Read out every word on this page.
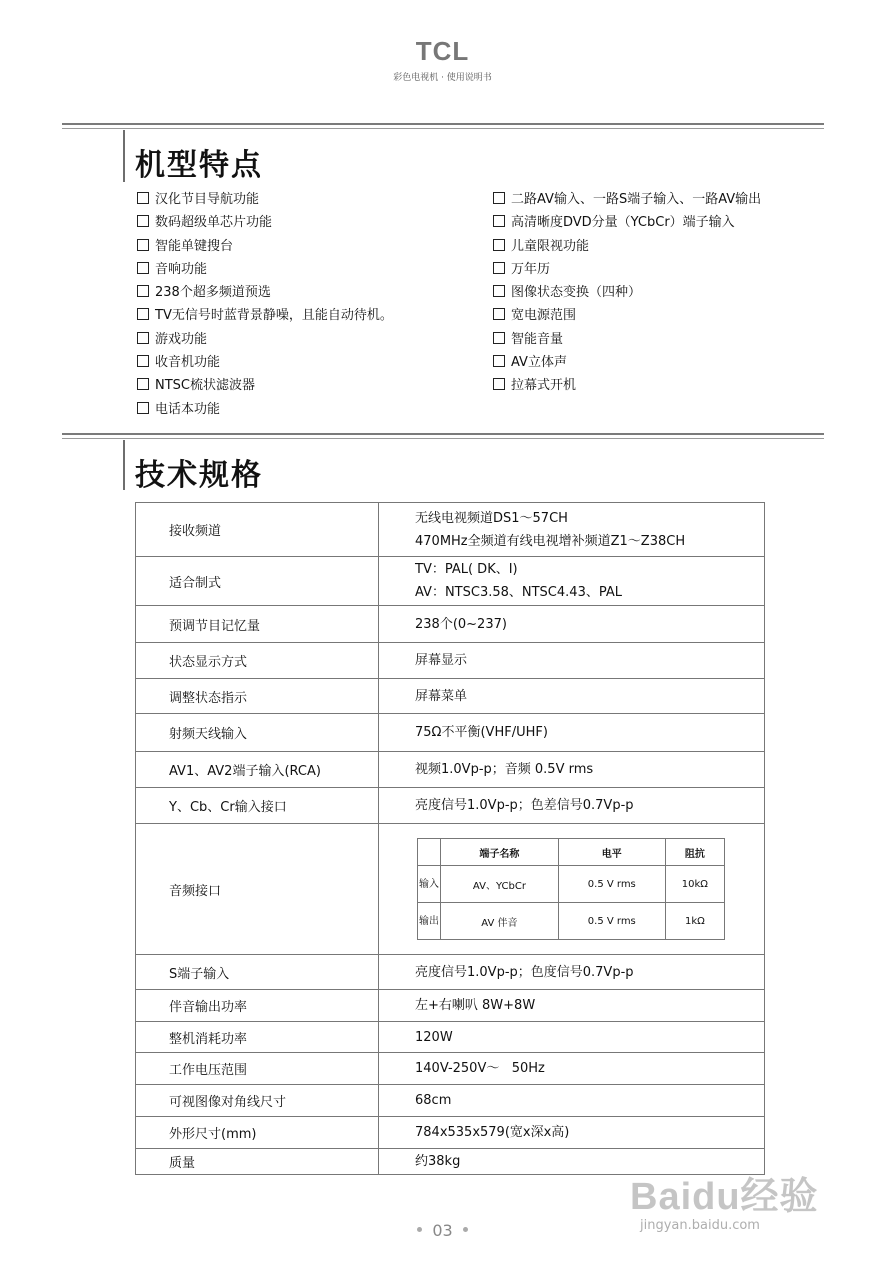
TCL
彩色电视机 · 使用说明书
机型特点
汉化节目导航功能
数码超级单芯片功能
智能单键搜台
音响功能
238个超多频道预选
TV无信号时蓝背景静噪，且能自动待机。
游戏功能
收音机功能
NTSC梳状滤波器
电话本功能
二路AV输入、一路S端子输入、一路AV输出
高清晰度DVD分量（YCbCr）端子输入
儿童限视功能
万年历
图像状态变换（四种）
宽电源范围
智能音量
AV立体声
拉幕式开机
技术规格
接收频道	
无线电视频道DS1～57CH
470MHz全频道有线电视增补频道Z1～Z38CH

适合制式	
TV：PAL( DK、I)
AV：NTSC3.58、NTSC4.43、PAL

预调节目记忆量	238个(0~237)
状态显示方式	屏幕显示
调整状态指示	屏幕菜单
射频天线输入	75Ω不平衡(VHF/UHF)
AV1、AV2端子输入(RCA)	视频1.0Vp-p；音频 0.5V rms
Y、Cb、Cr输入接口	亮度信号1.0Vp-p；色差信号0.7Vp-p
音频接口	
	端子名称	电平	阻抗
输入	AV、YCbCr	0.5 V rms	10kΩ
输出	AV 伴音	0.5 V rms	1kΩ

S端子输入	亮度信号1.0Vp-p；色度信号0.7Vp-p
伴音输出功率	左+右喇叭 8W+8W
整机消耗功率	120W
工作电压范围	140V-250V～   50Hz
可视图像对角线尺寸	68cm
外形尺寸(mm)	784x535x579(宽x深x高)
质量	约38kg
03
Baidu经验
jingyan.baidu.com
